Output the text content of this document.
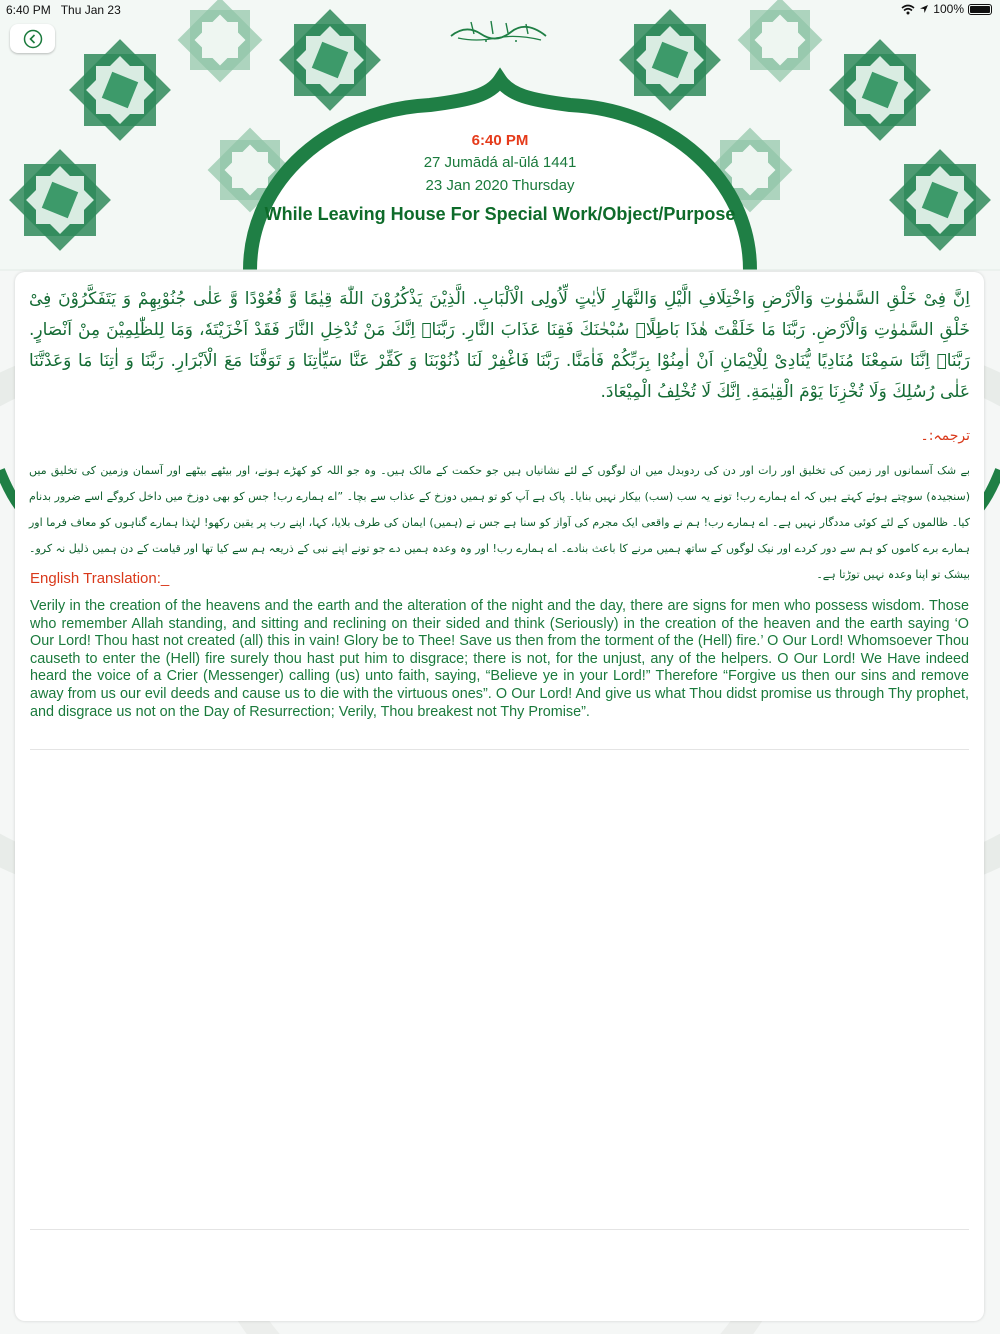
6:40 PM Thu Jan 23	100%
6:40 PM
27 Jumādá al-ūlá 1441
23 Jan 2020 Thursday
While Leaving House For Special Work/Object/Purpose
اِنَّ فِىْ خَلْقِ السَّمٰوٰتِ وَالْاَرْضِ وَاخْتِلَافِ الَّیْلِ وَالنَّهَارِ لَاٰیٰتٍ لِّاُولِى الْاَلْبَابِ. الَّذِیْنَ یَذْكُرُوْنَ اللّٰهَ قِیٰمًا وَّ قُعُوْدًا وَّ عَلٰى جُنُوْبِهِمْ وَ یَتَفَكَّرُوْنَ فِیْ خَلْقِ السَّمٰوٰتِ وَالْاَرْضِ. رَبَّنَا مَا خَلَقْتَ هٰذَا بَاطِلًاۚ سُبْحٰنَكَ فَقِنَا عَذَابَ النَّارِ. رَبَّنَاۤ اِنَّكَ مَنْ تُدْخِلِ النَّارَ فَقَدْ اَخْزَیْتَهٗ، وَمَا لِلظّٰلِمِیْنَ مِنْ اَنْصَارٍ. رَبَّنَاۤ اِنَّنَا سَمِعْنَا مُنَادِیًا یُّنَادِیْ لِلْاِیْمَانِ اَنْ اٰمِنُوْا بِرَبِّكُمْ فَاٰمَنَّا. رَبَّنَا فَاغْفِرْ لَنَا ذُنُوْبَنَا وَ كَفِّرْ عَنَّا سَیِّاٰتِنَا وَ تَوَفَّنَا مَعَ الْاَبْرَارِ. رَبَّنَا وَ اٰتِنَا مَا وَعَدْتَّنَا عَلٰى رُسُلِكَ وَلَا تُخْزِنَا یَوْمَ الْقِیٰمَةِ. اِنَّكَ لَا تُخْلِفُ الْمِیْعَادَ.
ترجمہ:۔
بے شک آسمانوں اور زمین کی تخلیق اور رات اور دن کی ردوبدل میں ان لوگوں کے لئے نشانیاں ہیں جو حکمت کے مالک ہیں۔ وہ جو اللہ کو کھڑے ہونے، اور بیٹھے بیٹھے اور آسمان وزمین کی تخلیق میں (سنجیدہ) سوچتے ہوئے کہتے ہیں کہ اے ہمارے رب! تونے یہ سب (سب) بیکار نہیں بنایا۔ پاک ہے آپ کو تو ہمیں دوزخ کے عذاب سے بچا۔ ”اے ہمارے رب! جس کو بھی دوزخ میں داخل کروگے اسے ضرور بدنام کیا۔ ظالموں کے لئے کوئی مددگار نہیں ہے۔ اے ہمارے رب! ہم نے واقعی ایک مجرم کی آواز کو سنا ہے جس نے (ہمیں) ایمان کی طرف بلایا، کہا، اپنے رب پر یقین رکھو! لہٰذا ہمارے گناہوں کو معاف فرما اور ہمارے برے کاموں کو ہم سے دور کردے اور نیک لوگوں کے ساتھ ہمیں مرنے کا باعث بنادے۔ اے ہمارے رب! اور وہ وعدہ ہمیں دے جو تونے اپنے نبی کے ذریعہ ہم سے کیا تھا اور قیامت کے دن ہمیں ذلیل نہ کرو۔ بیشک تو اپنا وعدہ نہیں توڑتا ہے۔
English Translation:_
Verily in the creation of the heavens and the earth and the alteration of the night and the day, there are signs for men who possess wisdom. Those who remember Allah standing, and sitting and reclining on their sided and think (Seriously) in the creation of the heaven and the earth saying ‘O Our Lord! Thou hast not created (all) this in vain! Glory be to Thee! Save us then from the torment of the (Hell) fire.’ O Our Lord! Whomsoever Thou causeth to enter the (Hell) fire surely thou hast put him to disgrace; there is not, for the unjust, any of the helpers. O Our Lord! We Have indeed heard the voice of a Crier (Messenger) calling (us) unto faith, saying, “Believe ye in your Lord!” Therefore “Forgive us then our sins and remove away from us our evil deeds and cause us to die with the virtuous ones”. O Our Lord! And give us what Thou didst promise us through Thy prophet, and disgrace us not on the Day of Resurrection; Verily, Thou breakest not Thy Promise”.
